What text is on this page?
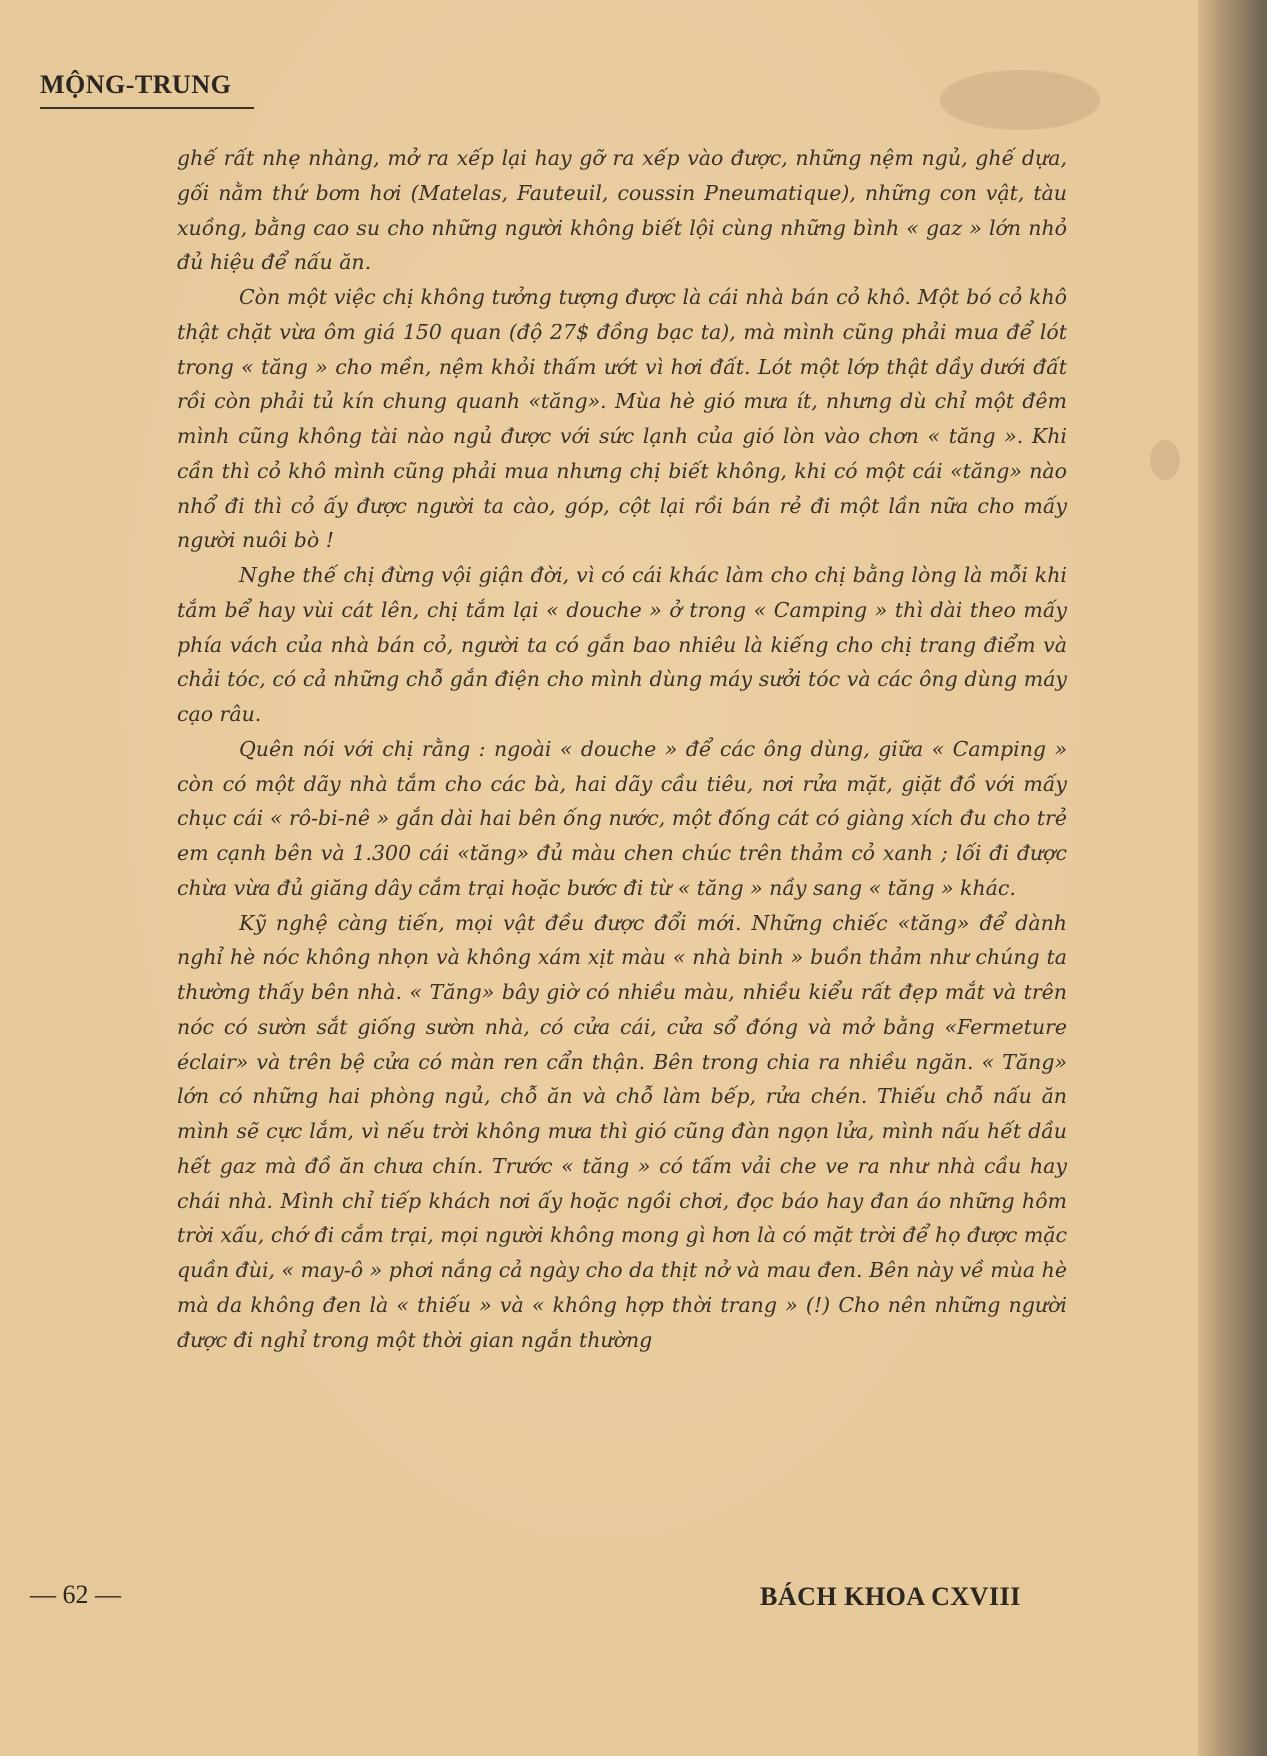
MỘNG-TRUNG

ghế rất nhẹ nhàng, mở ra xếp lại hay gỡ ra xếp vào được, những nệm ngủ, ghế dựa, gối nằm thứ bơm hơi (Matelas, Fauteuil, coussin Pneumatique), những con vật, tàu xuồng, bằng cao su cho những người không biết lội cùng những bình « gaz » lớn nhỏ đủ hiệu để nấu ăn.

Còn một việc chị không tưởng tượng được là cái nhà bán cỏ khô. Một bó cỏ khô thật chặt vừa ôm giá 150 quan (độ 27$ đồng bạc ta), mà mình cũng phải mua để lót trong « tăng » cho mền, nệm khỏi thấm ướt vì hơi đất. Lót một lớp thật dầy dưới đất rồi còn phải tủ kín chung quanh «tăng». Mùa hè gió mưa ít, nhưng dù chỉ một đêm mình cũng không tài nào ngủ được với sức lạnh của gió lòn vào chơn « tăng ». Khi cần thì cỏ khô mình cũng phải mua nhưng chị biết không, khi có một cái «tăng» nào nhổ đi thì cỏ ấy được người ta cào, góp, cột lại rồi bán rẻ đi một lần nữa cho mấy người nuôi bò !

Nghe thế chị đừng vội giận đời, vì có cái khác làm cho chị bằng lòng là mỗi khi tắm bể hay vùi cát lên, chị tắm lại « douche » ở trong « Camping » thì dài theo mấy phía vách của nhà bán cỏ, người ta có gắn bao nhiêu là kiếng cho chị trang điểm và chải tóc, có cả những chỗ gắn điện cho mình dùng máy sưởi tóc và các ông dùng máy cạo râu.

Quên nói với chị rằng : ngoài « douche » để các ông dùng, giữa « Camping » còn có một dãy nhà tắm cho các bà, hai dãy cầu tiêu, nơi rửa mặt, giặt đồ với mấy chục cái « rô-bi-nê » gắn dài hai bên ống nước, một đống cát có giàng xích đu cho trẻ em cạnh bên và 1.300 cái «tăng» đủ màu chen chúc trên thảm cỏ xanh ; lối đi được chừa vừa đủ giăng dây cắm trại hoặc bước đi từ « tăng » nầy sang « tăng » khác.

Kỹ nghệ càng tiến, mọi vật đều được đổi mới. Những chiếc «tăng» để dành nghỉ hè nóc không nhọn và không xám xịt màu « nhà binh » buồn thảm như chúng ta thường thấy bên nhà. « Tăng» bây giờ có nhiều màu, nhiều kiểu rất đẹp mắt và trên nóc có sườn sắt giống sườn nhà, có cửa cái, cửa sổ đóng và mở bằng «Fermeture éclair» và trên bệ cửa có màn ren cẩn thận. Bên trong chia ra nhiều ngăn. « Tăng» lớn có những hai phòng ngủ, chỗ ăn và chỗ làm bếp, rửa chén. Thiếu chỗ nấu ăn mình sẽ cực lắm, vì nếu trời không mưa thì gió cũng đàn ngọn lửa, mình nấu hết dầu hết gaz mà đồ ăn chưa chín. Trước « tăng » có tấm vải che ve ra như nhà cầu hay chái nhà. Mình chỉ tiếp khách nơi ấy hoặc ngồi chơi, đọc báo hay đan áo những hôm trời xấu, chớ đi cắm trại, mọi người không mong gì hơn là có mặt trời để họ được mặc quần đùi, « may-ô » phơi nắng cả ngày cho da thịt nở và mau đen. Bên này về mùa hè mà da không đen là « thiếu » và « không hợp thời trang » (!) Cho nên những người được đi nghỉ trong một thời gian ngắn thường

— 62 —	BÁCH KHOA CXVIII
